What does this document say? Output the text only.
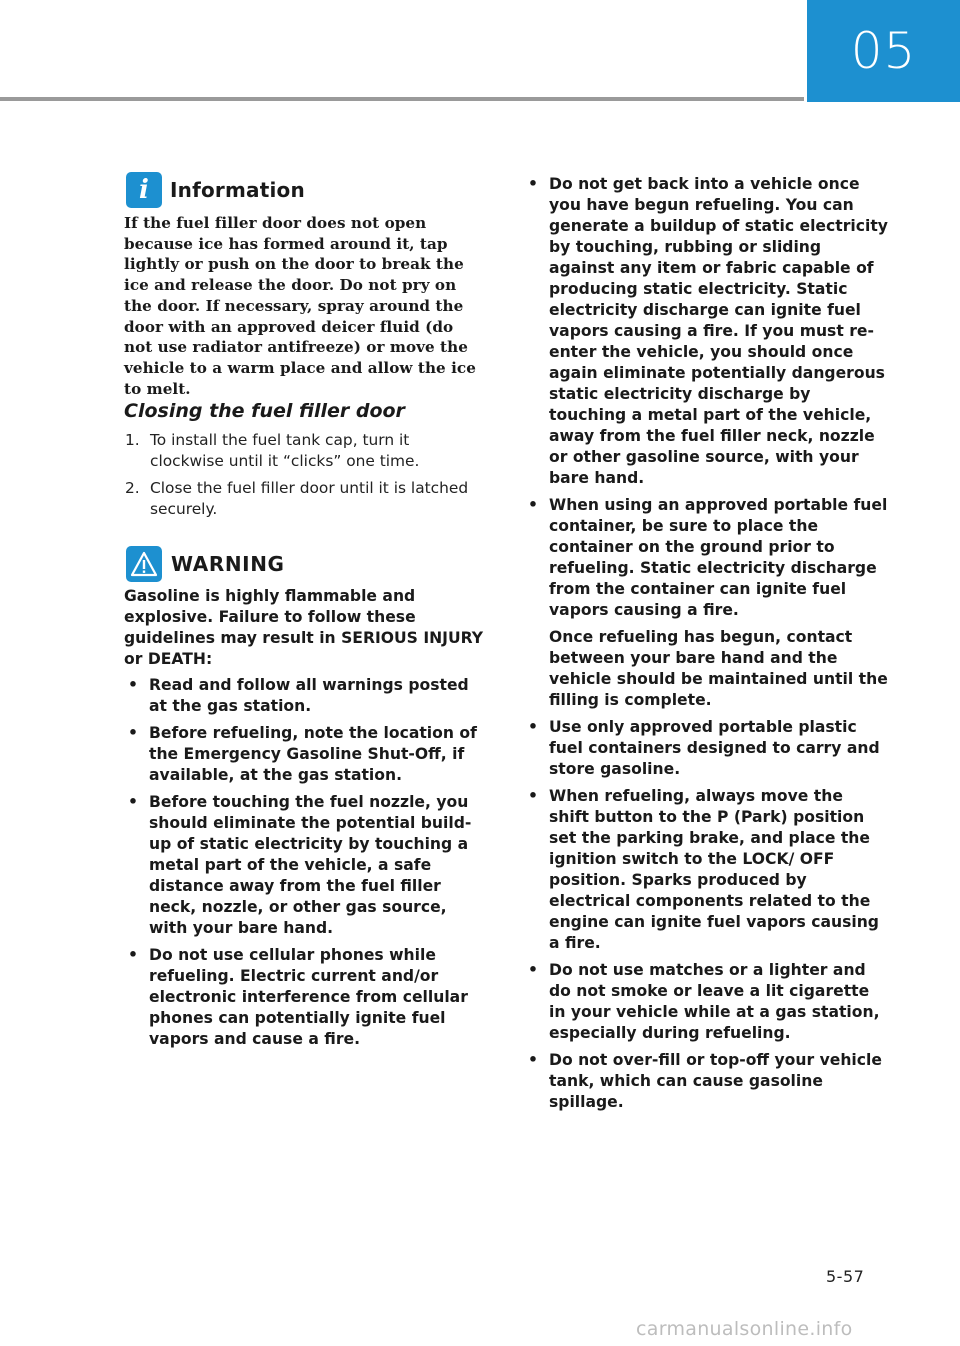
05
i	Information
If the fuel filler door does not open because ice has formed around it, tap lightly or push on the door to break the ice and release the door. Do not pry on the door. If necessary, spray around the door with an approved deicer fluid (do not use radiator antifreeze) or move the vehicle to a warm place and allow the ice to melt.
Closing the fuel filler door
1. To install the fuel tank cap, turn it clockwise until it “clicks” one time.
2. Close the fuel filler door until it is latched securely.
WARNING

Gasoline is highly flammable and explosive. Failure to follow these guidelines may result in SERIOUS INJURY or DEATH:

• Read and follow all warnings posted at the gas station.
• Before refueling, note the location of the Emergency Gasoline Shut-Off, if available, at the gas station.
• Before touching the fuel nozzle, you should eliminate the potential build-up of static electricity by touching a metal part of the vehicle, a safe distance away from the fuel filler neck, nozzle, or other gas source, with your bare hand.
• Do not use cellular phones while refueling. Electric current and/or electronic interference from cellular phones can potentially ignite fuel vapors and cause a fire.
• Do not get back into a vehicle once you have begun refueling. You can generate a buildup of static electricity by touching, rubbing or sliding against any item or fabric capable of producing static electricity. Static electricity discharge can ignite fuel vapors causing a fire. If you must re-enter the vehicle, you should once again eliminate potentially dangerous static electricity discharge by touching a metal part of the vehicle, away from the fuel filler neck, nozzle or other gasoline source, with your bare hand.
• When using an approved portable fuel container, be sure to place the container on the ground prior to refueling. Static electricity discharge from the container can ignite fuel vapors causing a fire.

Once refueling has begun, contact between your bare hand and the vehicle should be maintained until the filling is complete.

• Use only approved portable plastic fuel containers designed to carry and store gasoline.
• When refueling, always move the shift button to the P (Park) position set the parking brake, and place the ignition switch to the LOCK/ OFF position. Sparks produced by electrical components related to the engine can ignite fuel vapors causing a fire.
• Do not use matches or a lighter and do not smoke or leave a lit cigarette in your vehicle while at a gas station, especially during refueling.
• Do not over-fill or top-off your vehicle tank, which can cause gasoline spillage.
5-57
carmanualsonline.info
